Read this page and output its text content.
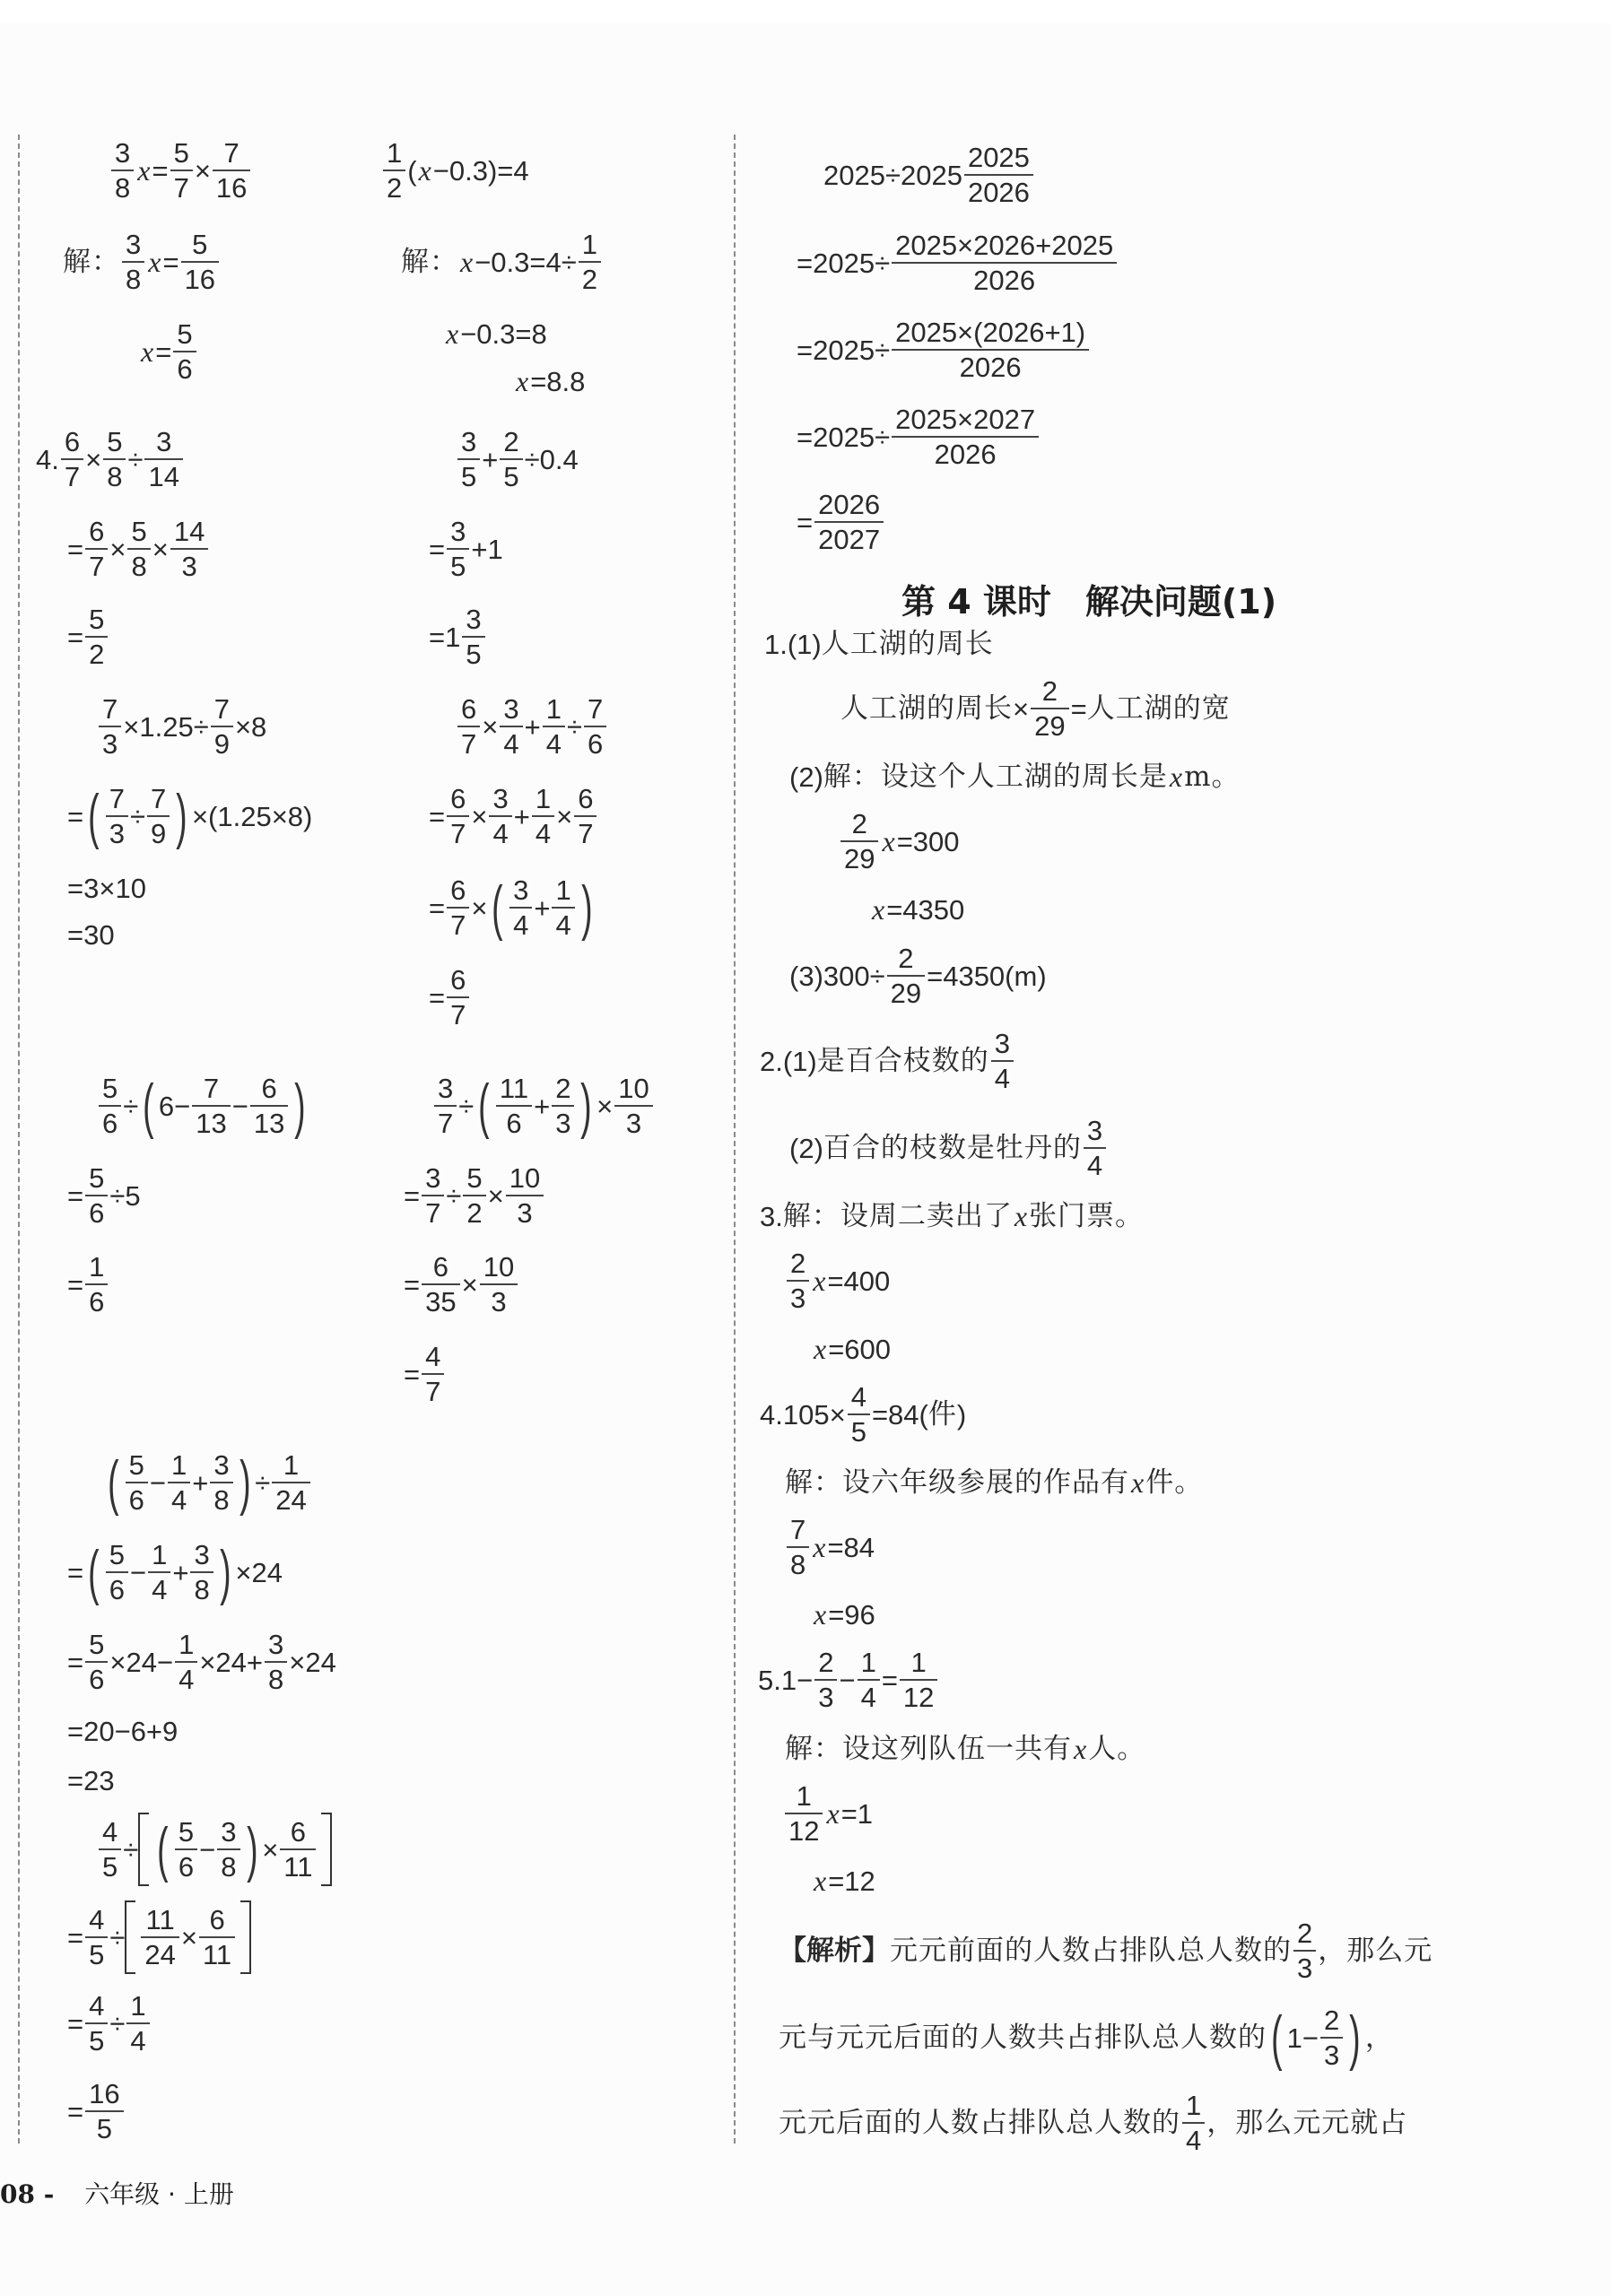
$\frac{3}{8}$ $x = \frac{5}{7} \times \frac{7}{16}$	$\frac{1}{2}$ ( x −0.3)=4
解： $\frac{3}{8}$ $x = \frac{5}{16}$	解： $x -0.3=4\div \frac{1}{2}$
$x = \frac{5}{6}$	x −0.3=8
x =8.8
4. $\frac{6}{7} \times \frac{5}{8} \div \frac{3}{14}$	$\frac{3}{5} + \frac{2}{5} \div 0.4$
= $\frac{6}{7} \times \frac{5}{8} \times \frac{14}{3}$	= $\frac{3}{5} +1$
= $\frac{5}{2}$	$=1 \frac{3}{5}$
$\frac{7}{3} \times 1.25\div \frac{7}{9} \times 8$	$\frac{6}{7} \times \frac{3}{4} + \frac{1}{4} \div \frac{7}{6}$
= ( $\frac{7}{3} \div \frac{7}{9}$ ) ×(1.25×8)	= $\frac{6}{7} \times \frac{3}{4} + \frac{1}{4} \times \frac{6}{7}$
=3×10
=30
= $\frac{6}{7}$ × ( $\frac{3}{4} + \frac{1}{4}$ )
= $\frac{6}{7}$
$\frac{5}{6}$ ÷ ( $6- \frac{7}{13} - \frac{6}{13}$ )	$\frac{3}{7}$ ÷ ( $\frac{11}{6} + \frac{2}{3}$ ) × $\frac{10}{3}$
= $\frac{5}{6} \div 5$	= $\frac{3}{7} \div \frac{5}{2} \times \frac{10}{3}$
= $\frac{1}{6}$	= $\frac{6}{35} \times \frac{10}{3}$
= $\frac{4}{7}$
( $\frac{5}{6} - \frac{1}{4} + \frac{3}{8}$ ) ÷ $\frac{1}{24}$
= ( $\frac{5}{6} - \frac{1}{4} + \frac{3}{8}$ ) ×24
= $\frac{5}{6} \times 24- \frac{1}{4} \times 24+ \frac{3}{8} \times 24$
=20−6+9
=23
$\frac{4}{5}$ ÷ ( $\frac{5}{6} - \frac{3}{8}$ ) × $\frac{6}{11}$
= $\frac{4}{5} \div \frac{11}{24} \times \frac{6}{11}$
= $\frac{4}{5} \div \frac{1}{4}$
= $\frac{16}{5}$
$2025\div 2025 \frac{2025}{2026}$
$=2025\div \frac{2025\times 2026+2025}{2026}$
$=2025\div \frac{2025\times(2026+1)}{2026}$
$=2025\div \frac{2025\times 2027}{2026}$
= $\frac{2026}{2027}$
1.(1) 人工湖的周长
人工湖的周长 × $\frac{2}{29}$ = 人工湖的宽
(2) 解：设这个人工湖的周长是 x m。
$\frac{2}{29}$ x =300
x =4350
$(3)300\div \frac{2}{29} =4350(m)$
2.(1) 是百合枝数的 $\frac{3}{4}$
(2) 百合的枝数是牡丹的 $\frac{3}{4}$
3. 解：设周二卖出了 x 张门票。
$\frac{2}{3}$ x =400
x =600
$4.105\times \frac{4}{5} =84$( 件 )
解：设六年级参展的作品有 x 件。
$\frac{7}{8}$ x =84
x =96
$5.1- \frac{2}{3} - \frac{1}{4} = \frac{1}{12}$
解：设这列队伍一共有 x 人。
$\frac{1}{12}$ x =1
x =12
【解析】 元元前面的人数占排队总人数的 $\frac{2}{3}$ ，那么元
元与元元后面的人数共占排队总人数的 ( $1- \frac{2}{3}$ ) ，
元元后面的人数占排队总人数的 $\frac{1}{4}$ ，那么元元就占
第 4 课时　解决问题(1)
08 - 六年级 · 上册
